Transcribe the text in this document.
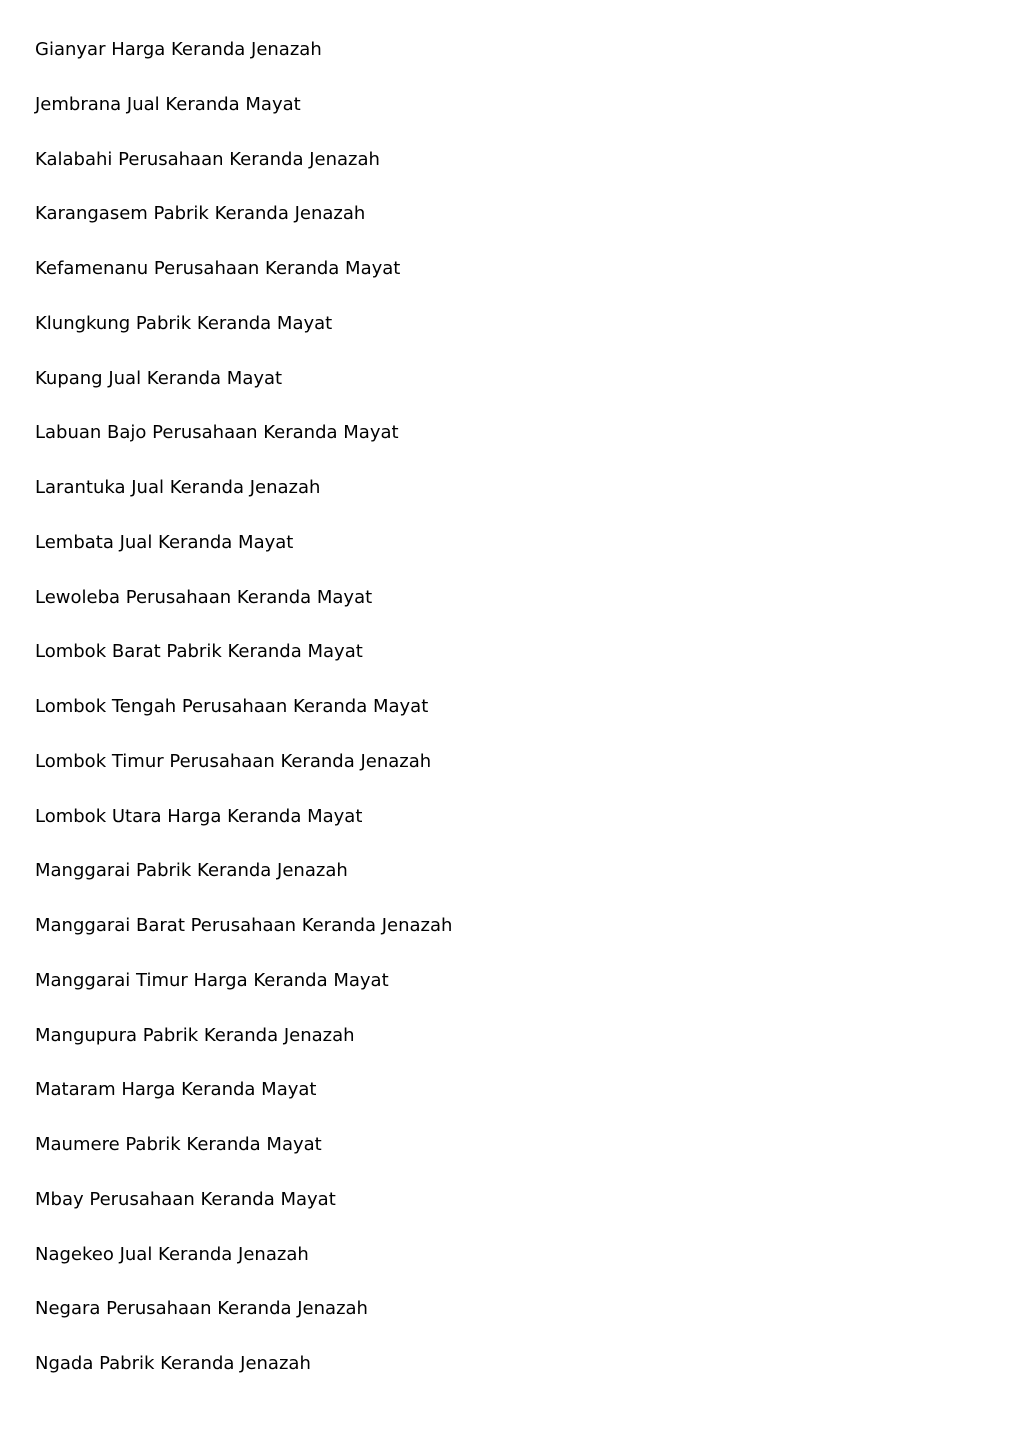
Gianyar Harga Keranda Jenazah
Jembrana Jual Keranda Mayat
Kalabahi Perusahaan Keranda Jenazah
Karangasem Pabrik Keranda Jenazah
Kefamenanu Perusahaan Keranda Mayat
Klungkung Pabrik Keranda Mayat
Kupang Jual Keranda Mayat
Labuan Bajo Perusahaan Keranda Mayat
Larantuka Jual Keranda Jenazah
Lembata Jual Keranda Mayat
Lewoleba Perusahaan Keranda Mayat
Lombok Barat Pabrik Keranda Mayat
Lombok Tengah Perusahaan Keranda Mayat
Lombok Timur Perusahaan Keranda Jenazah
Lombok Utara Harga Keranda Mayat
Manggarai Pabrik Keranda Jenazah
Manggarai Barat Perusahaan Keranda Jenazah
Manggarai Timur Harga Keranda Mayat
Mangupura Pabrik Keranda Jenazah
Mataram Harga Keranda Mayat
Maumere Pabrik Keranda Mayat
Mbay Perusahaan Keranda Mayat
Nagekeo Jual Keranda Jenazah
Negara Perusahaan Keranda Jenazah
Ngada Pabrik Keranda Jenazah
